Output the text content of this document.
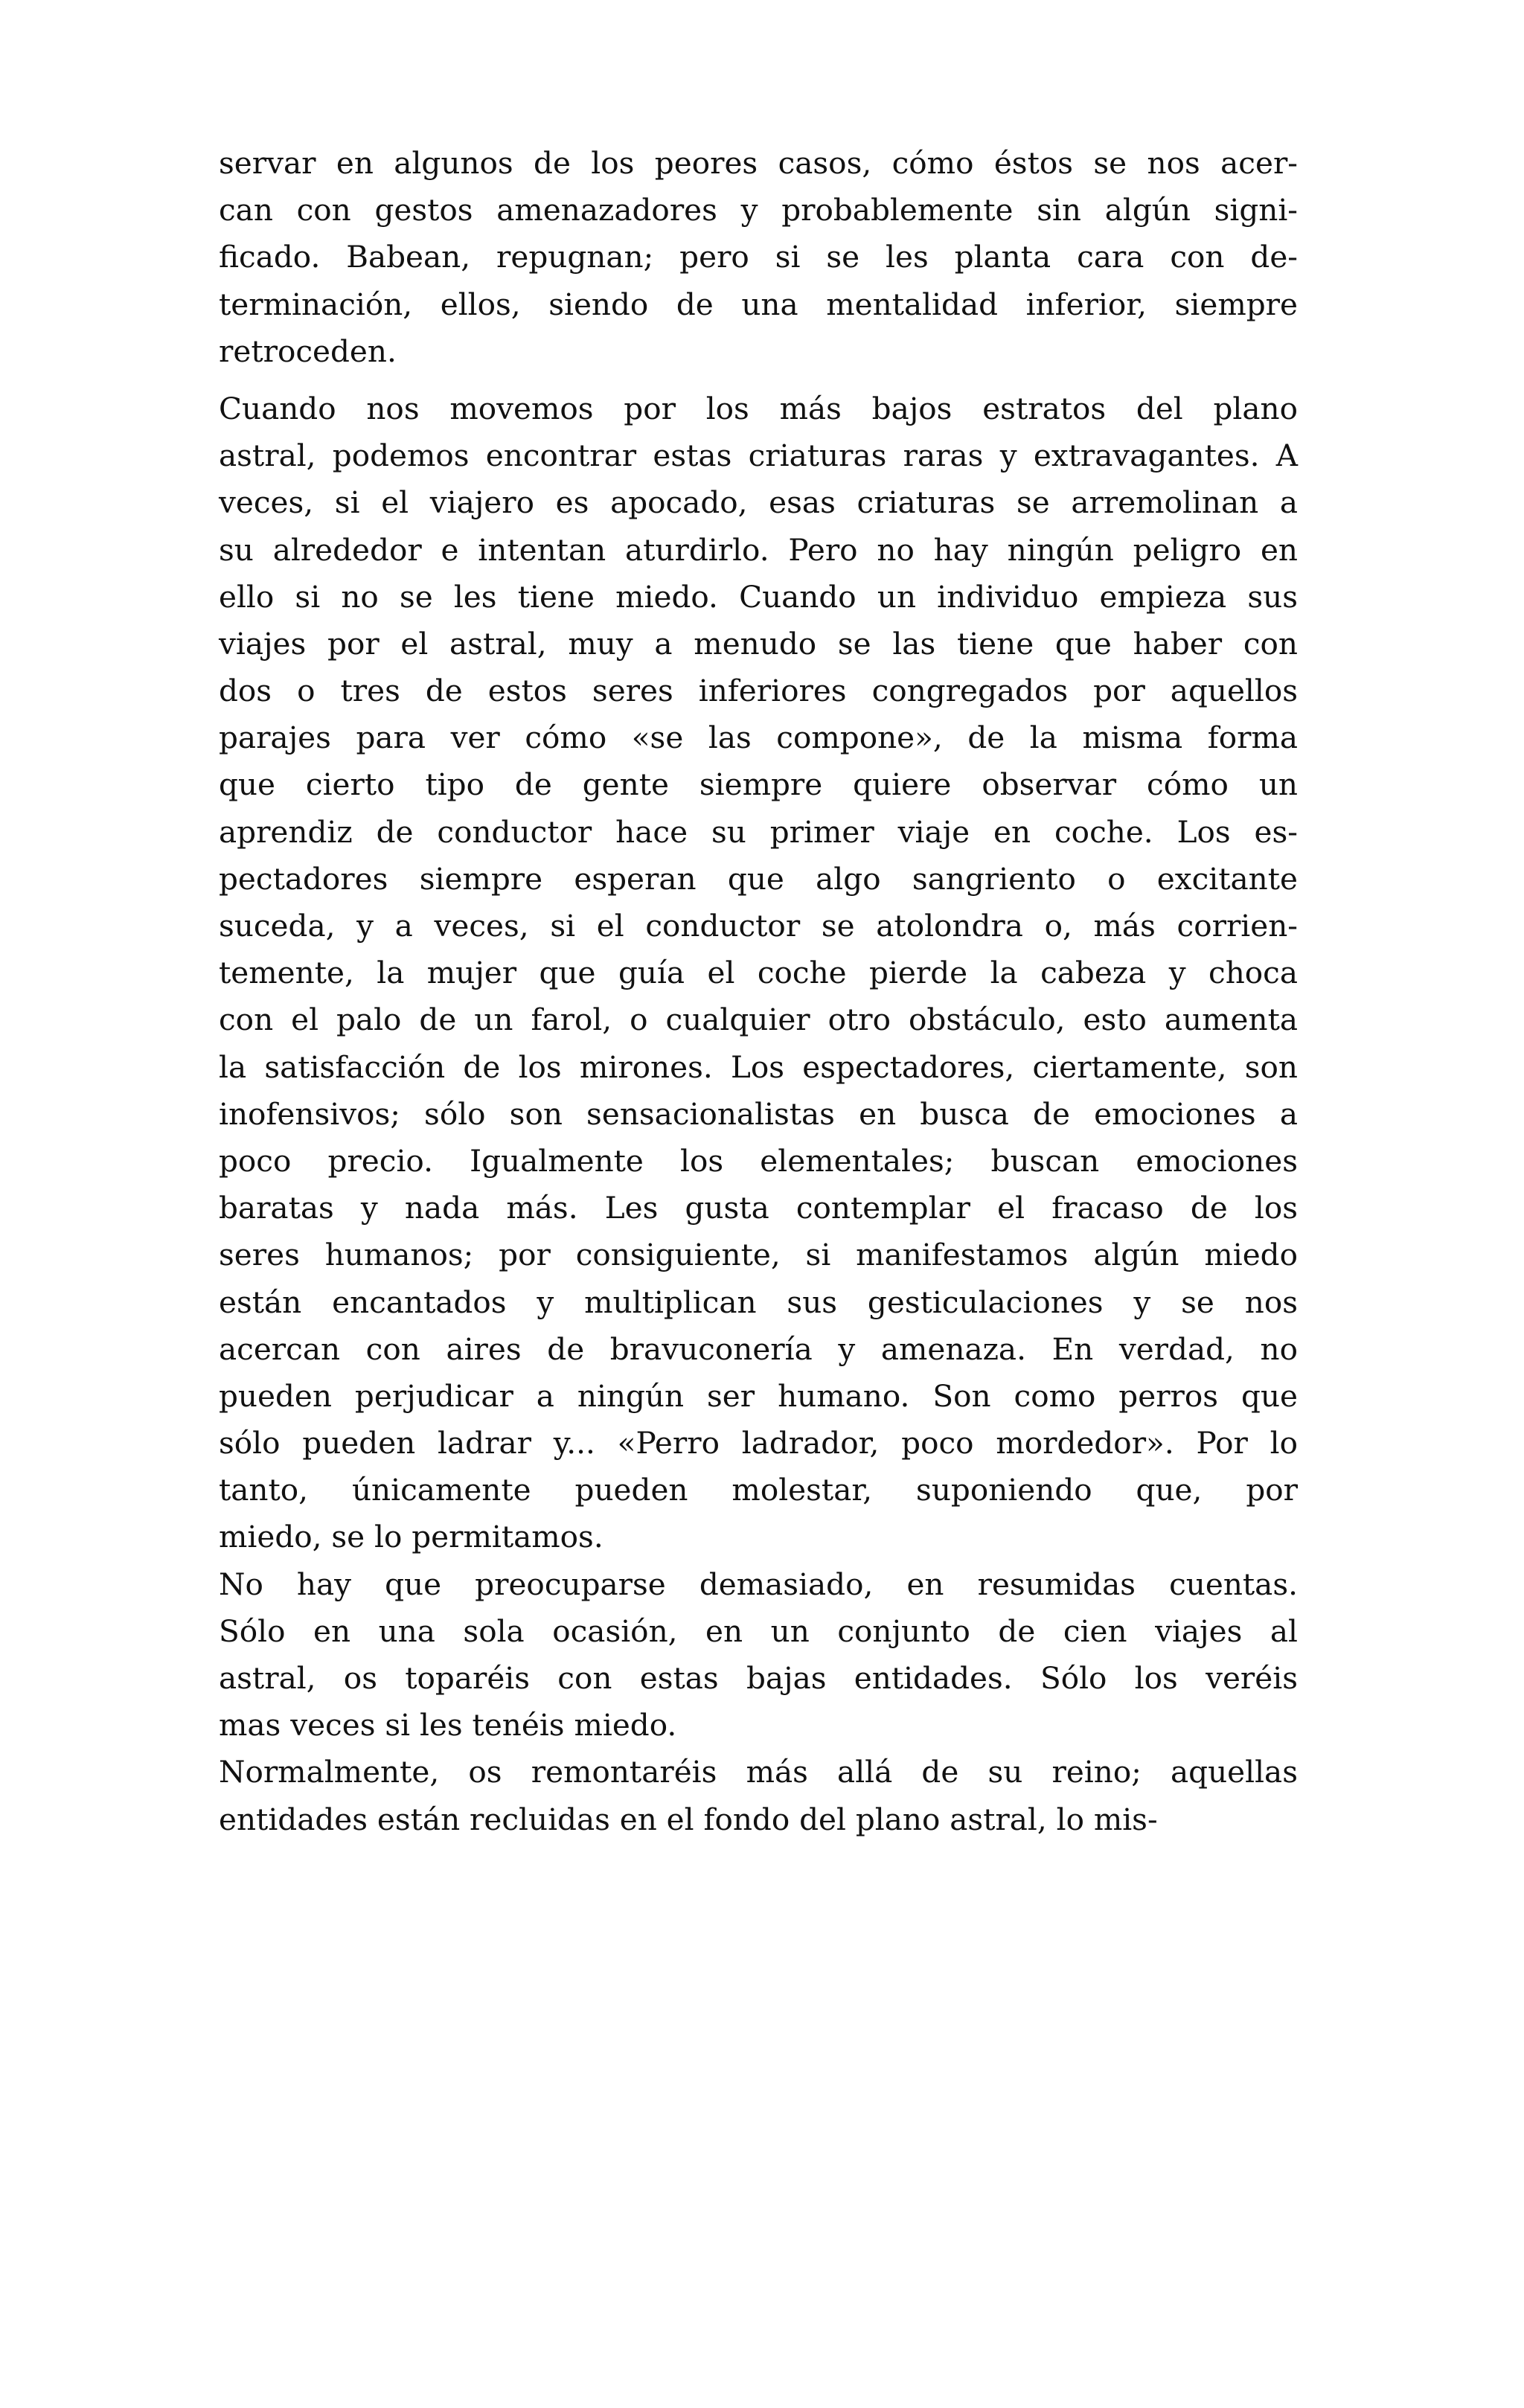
servar en algunos de los peores casos, cómo éstos se nos acer-
can con gestos amenazadores y probablemente sin algún signi-
ficado. Babean, repugnan; pero si se les planta cara con de-
terminación, ellos, siendo de una mentalidad inferior, siempre
retroceden.
Cuando nos movemos por los más bajos estratos del plano
astral, podemos encontrar estas criaturas raras y extravagantes. A
veces, si el viajero es apocado, esas criaturas se arremolinan a
su alrededor e intentan aturdirlo. Pero no hay ningún peligro en
ello si no se les tiene miedo. Cuando un individuo empieza sus
viajes por el astral, muy a menudo se las tiene que haber con
dos o tres de estos seres inferiores congregados por aquellos
parajes para ver cómo «se las compone», de la misma forma
que cierto tipo de gente siempre quiere observar cómo un
aprendiz de conductor hace su primer viaje en coche. Los es-
pectadores siempre esperan que algo sangriento o excitante
suceda, y a veces, si el conductor se atolondra o, más corrien-
temente, la mujer que guía el coche pierde la cabeza y choca
con el palo de un farol, o cualquier otro obstáculo, esto aumenta
la satisfacción de los mirones. Los espectadores, ciertamente, son
inofensivos; sólo son sensacionalistas en busca de emociones a
poco precio. Igualmente los elementales; buscan emociones
baratas y nada más. Les gusta contemplar el fracaso de los
seres humanos; por consiguiente, si manifestamos algún miedo
están encantados y multiplican sus gesticulaciones y se nos
acercan con aires de bravuconería y amenaza. En verdad, no
pueden perjudicar a ningún ser humano. Son como perros que
sólo pueden ladrar y... «Perro ladrador, poco mordedor». Por lo
tanto, únicamente pueden molestar, suponiendo que, por
miedo, se lo permitamos.
No hay que preocuparse demasiado, en resumidas cuentas.
Sólo en una sola ocasión, en un conjunto de cien viajes al
astral, os toparéis con estas bajas entidades. Sólo los veréis
mas veces si les tenéis miedo.
Normalmente, os remontaréis más allá de su reino; aquellas
entidades están recluidas en el fondo del plano astral, lo mis-
